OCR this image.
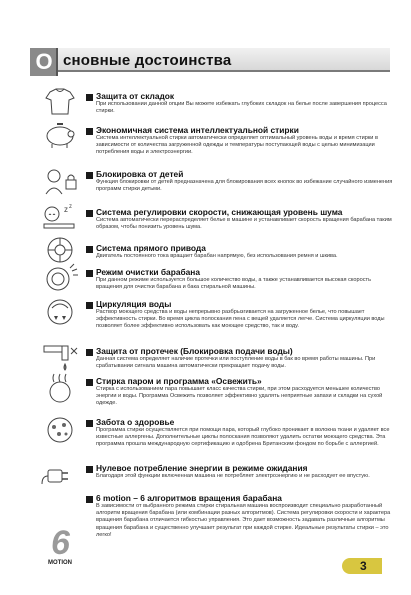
О сновные достоинства
Защита от складок
При использовании данной опции Вы можете избежать глубоких складок на белье после завершения процесса стирки.
Экономичная система интеллектуальной стирки
Система интеллектуальной стирки автоматически определяет оптимальный уровень воды и время стирки в зависимости от количества загруженной одежды и температуры поступающей воды с целью минимизации потребления воды и электроэнергии.
Блокировка от детей
Функция блокировки от детей предназначена для блокирования всех кнопок во избежание случайного изменения программ стирки детьми.
z z	Система регулировки скорости, снижающая уровень шума
Система автоматически перераспределяет белье в машине и устанавливает скорость вращения барабана таким образом, чтобы понизить уровень шума.
Система прямого привода
Двигатель постоянного тока вращает барабан напрямую, без использования ремня и шкива.
Режим очистки барабана
При данном режиме используется большое количество воды, а также устанавливается высокая скорость вращения для очистки барабана и бака стиральной машины.
Циркуляция воды
Раствор моющего средства и воды непрерывно разбрызгивается на загруженное белье, что повышает эффективность стирки. Во время цикла полоскания пена с вещей удаляется легче. Система циркуляции воды позволяет более эффективно использовать как моющее средство, так и воду.
Защита от протечек (Блокировка подачи воды)
Данная система определяет наличие протечки или поступление воды в бак во время работы машины. При срабатывании сигнала машина автоматически прекращает подачу воды.
Стирка паром и программа «Освежить»
Стирка с использованием пара повышает класс качества стирки, при этом расходуется меньшее количество энергии и воды. Программа Освежить позволяет эффективно удалять неприятные запахи и складки на сухой одежде.
Забота о здоровье
Программа стирки осуществляется при помощи пара, который глубоко проникает в волокна ткани и удаляет все известные аллергены. Дополнительные циклы полоскания позволяют удалить остатки моющего средства. Эта программа прошла международную сертификацию и одобрена Британским фондом по борьбе с аллергией.
Нулевое потребление энергии в режиме ожидания
Благодаря этой функции включенная машина не потребляет электроэнергию и не расходует ее впустую.
6 motion – 6 алгоритмов вращения барабана
В зависимости от выбранного режима стирки стиральная машина воспроизводит специально разработанный алгоритм вращения барабана (или комбинации разных алгоритмов). Система регулировки скорости и характера вращения барабана отличается гибкостью управления. Это дает возможность задавать различные алгоритмы вращения барабана и существенно улучшает результат при каждой стирке. Идеальные результаты стирки – это легко!
6
MOTION	3
